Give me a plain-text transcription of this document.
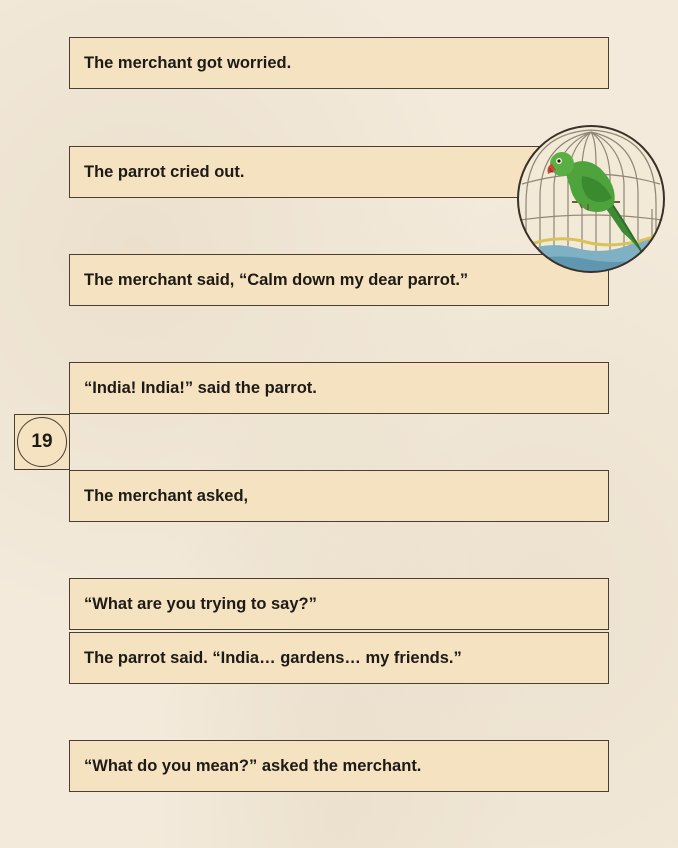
The merchant got worried.
The parrot cried out.
The merchant said, “Calm down my dear parrot.”
“India! India!” said the parrot.
The merchant asked,
“What are you trying to say?”
The parrot said. “India… gardens… my friends.”
“What do you mean?” asked the merchant.
19
